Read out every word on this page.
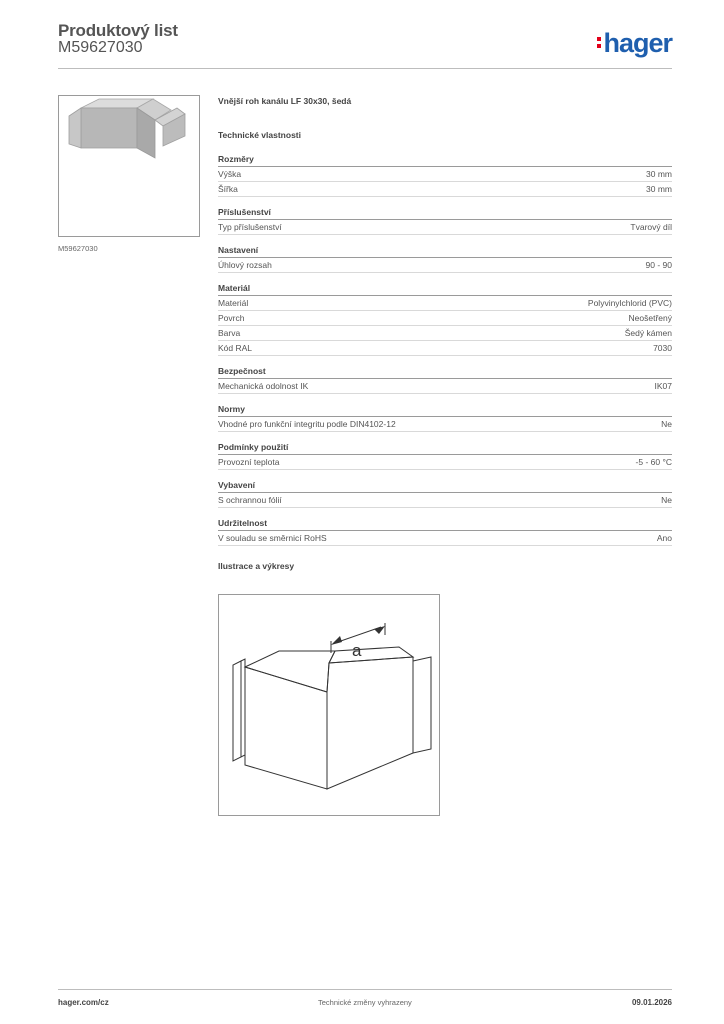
Produktový list
M59627030	hager
M59627030
Vnější roh kanálu LF 30x30, šedá
Technické vlastnosti
Rozměry
Výška	30 mm
Šířka	30 mm
Příslušenství
Typ příslušenství	Tvarový díl
Nastavení
Úhlový rozsah	90 - 90
Materiál
Materiál	Polyvinylchlorid (PVC)
Povrch	Neošetřený
Barva	Šedý kámen
Kód RAL	7030
Bezpečnost
Mechanická odolnost IK	IK07
Normy
Vhodné pro funkční integritu podle DIN4102-12	Ne
Podmínky použití
Provozní teplota	-5 - 60 °C
Vybavení
S ochrannou fólií	Ne
Udržitelnost
V souladu se směrnicí RoHS	Ano
Ilustrace a výkresy
a
hager.com/cz	Technické změny vyhrazeny	09.01.2026
